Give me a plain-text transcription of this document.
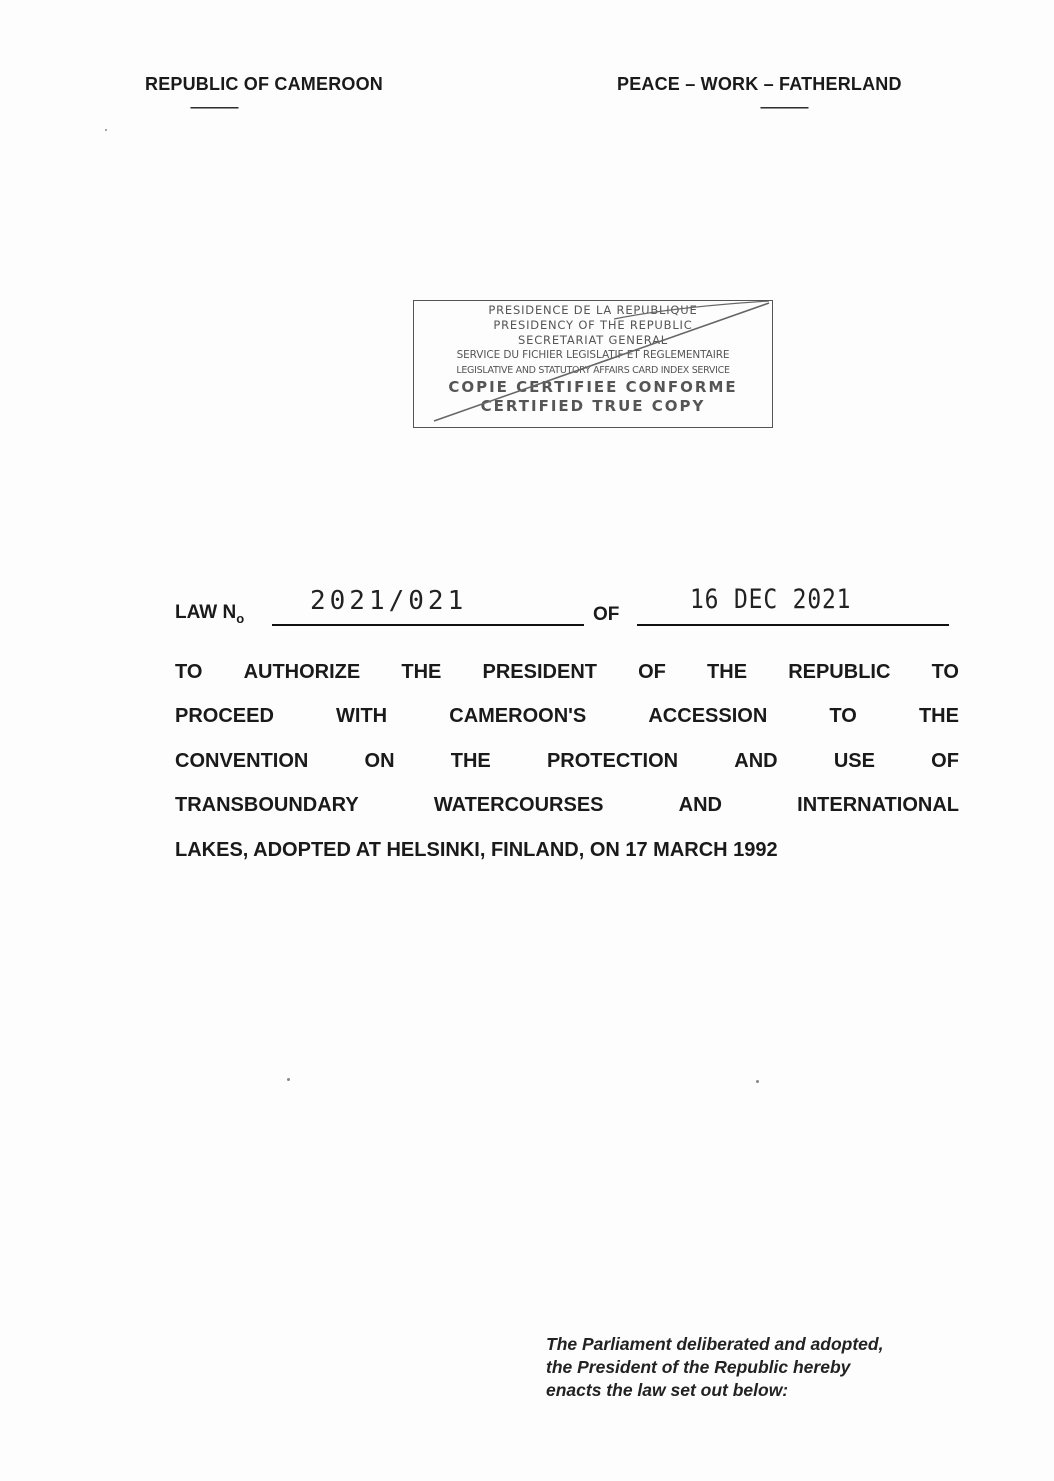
REPUBLIC OF CAMEROON
----------------
PEACE – WORK – FATHERLAND
----------------
PRESIDENCE DE LA REPUBLIQUE
PRESIDENCY OF THE REPUBLIC
SECRETARIAT GENERAL
SERVICE DU FICHIER LEGISLATIF ET REGLEMENTAIRE
LEGISLATIVE AND STATUTORY AFFAIRS CARD INDEX SERVICE
COPIE CERTIFIEE CONFORME
CERTIFIED TRUE COPY
LAW $N_o$
2021/021	OF	16 DEC 2021
TO AUTHORIZE THE PRESIDENT OF THE REPUBLIC TO
PROCEED	WITH	CAMEROON'S	ACCESSION	TO	THE
CONVENTION	ON	THE	PROTECTION	AND	USE	OF
TRANSBOUNDARY	WATERCOURSES	AND	INTERNATIONAL
LAKES, ADOPTED AT HELSINKI, FINLAND, ON 17 MARCH 1992
The Parliament deliberated and adopted,
the President of the Republic hereby
enacts the law set out below:
